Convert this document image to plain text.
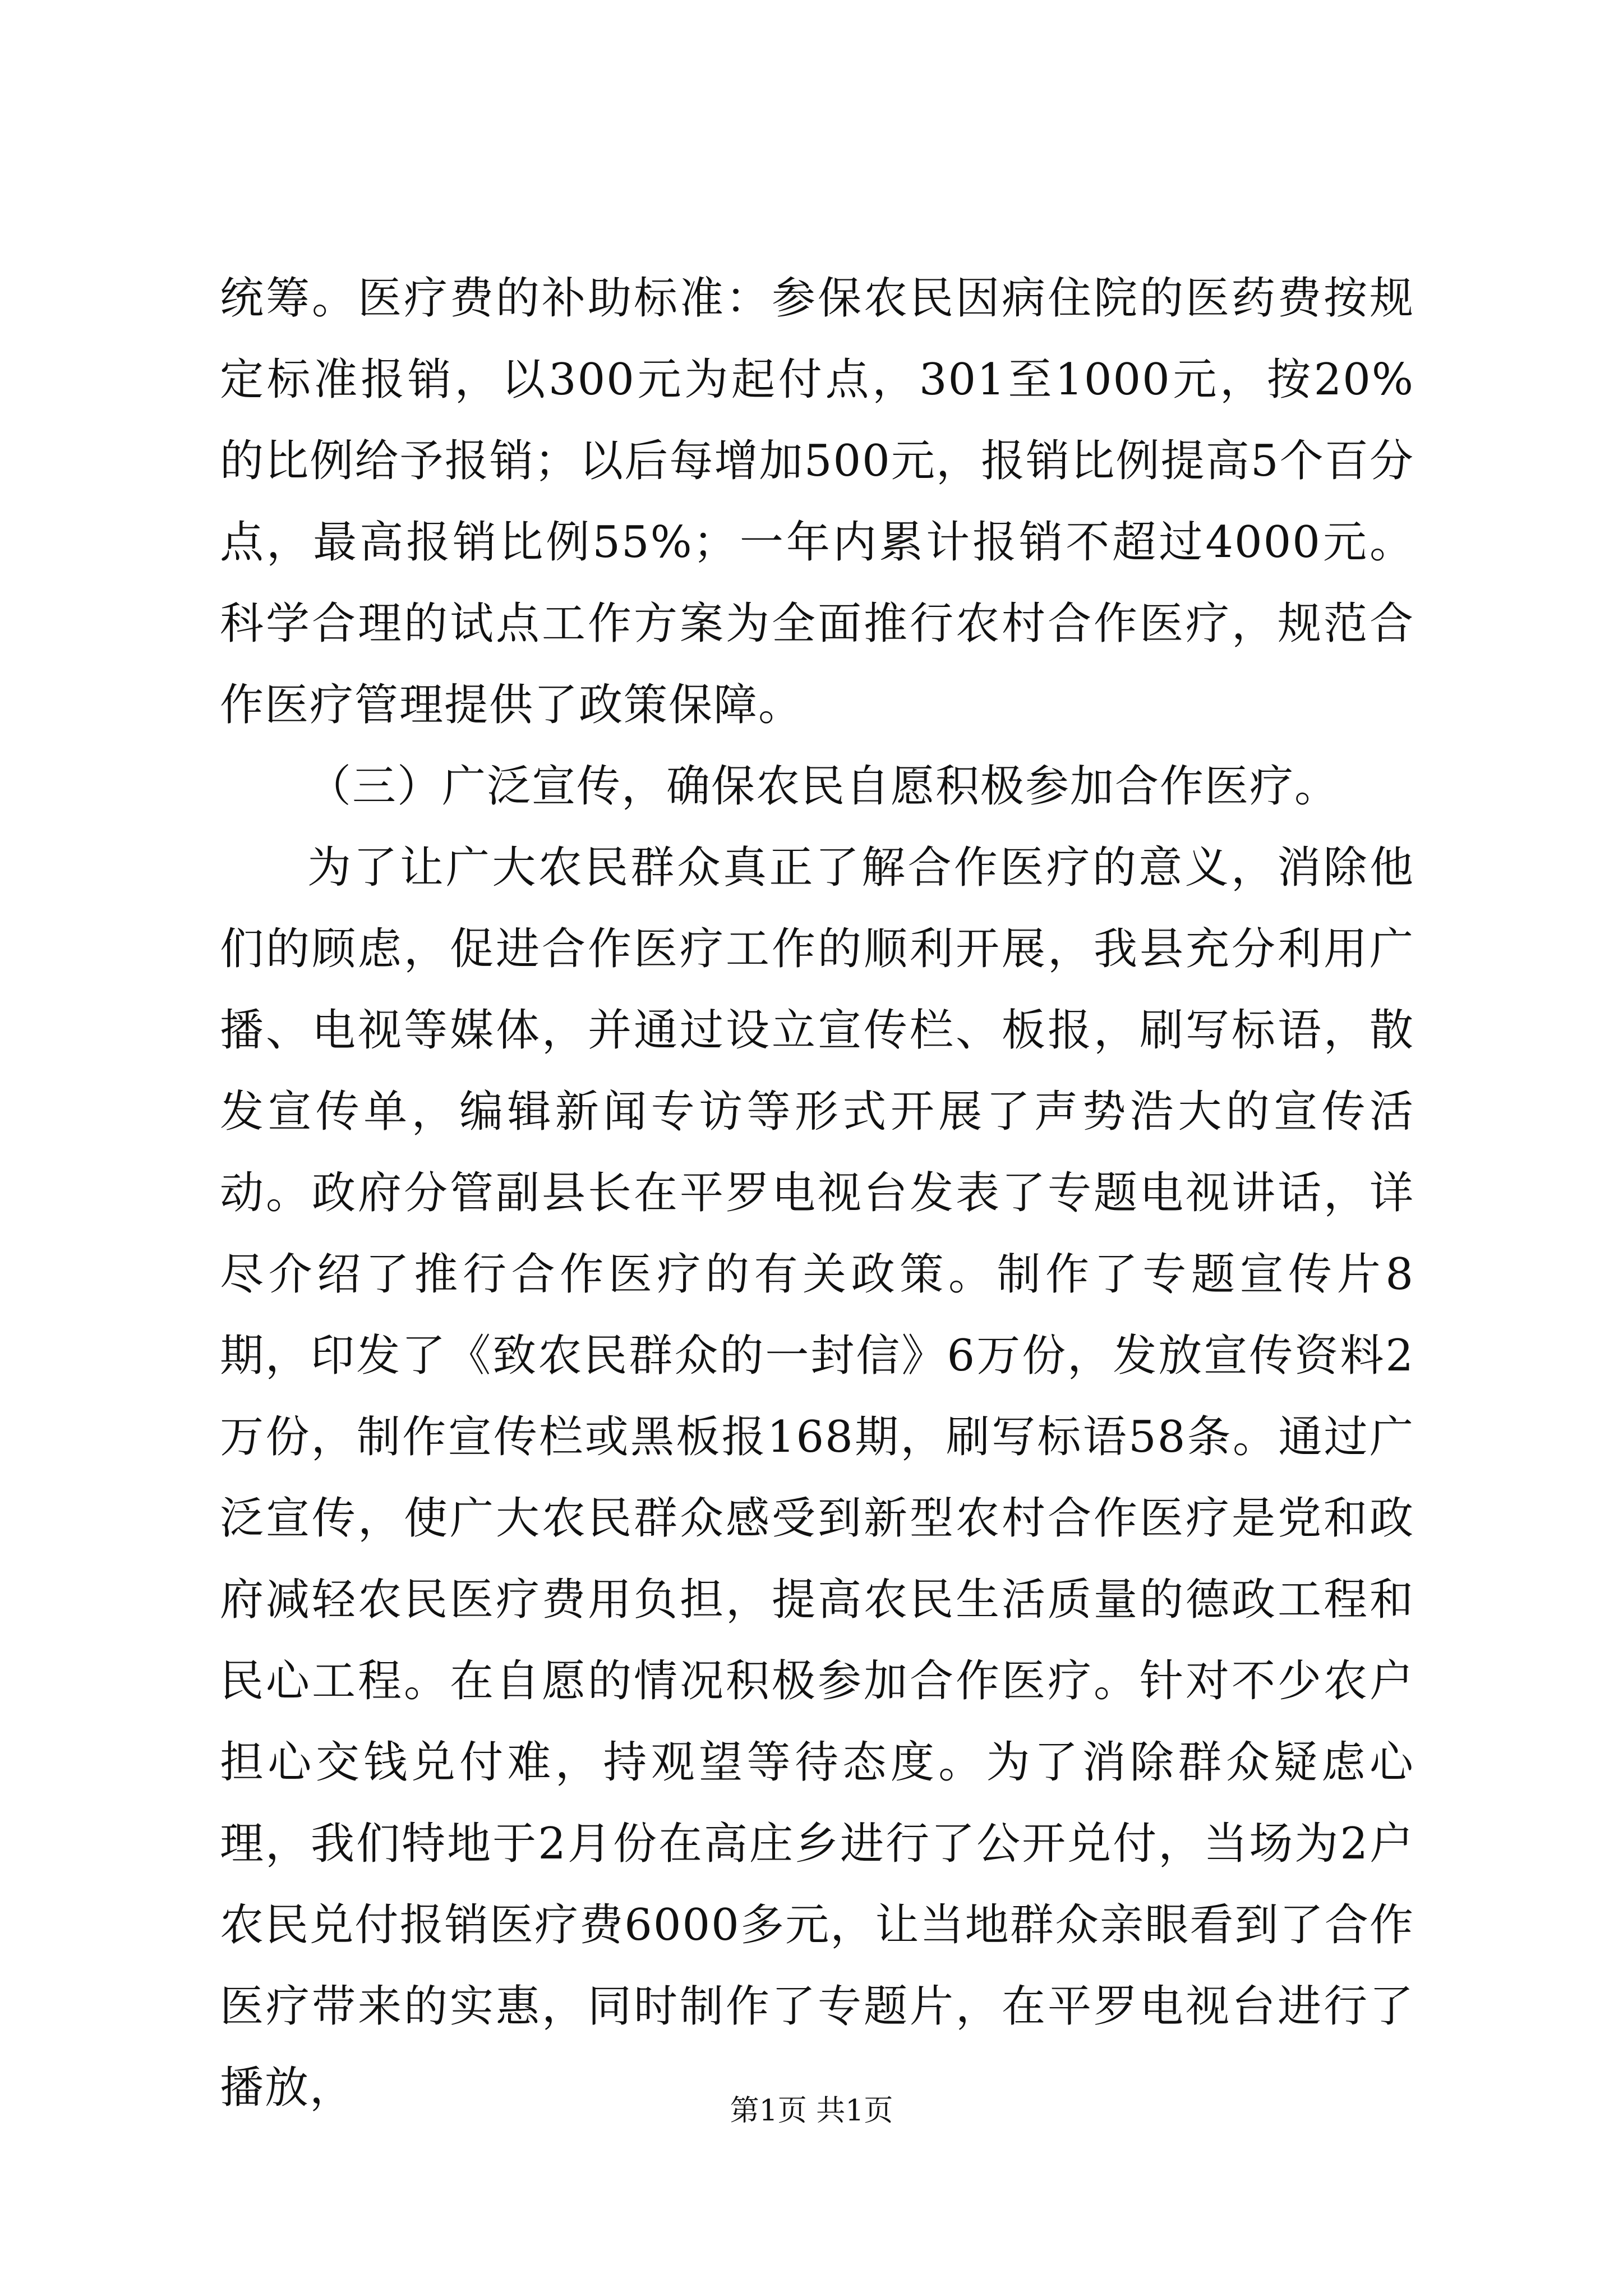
统筹。医疗费的补助标准：参保农民因病住院的医药费按规定标准报销，以300元为起付点，301至1000元，按20%的比例给予报销；以后每增加500元，报销比例提高5个百分点，最高报销比例55%；一年内累计报销不超过4000元。科学合理的试点工作方案为全面推行农村合作医疗，规范合作医疗管理提供了政策保障。

（三）广泛宣传，确保农民自愿积极参加合作医疗。

为了让广大农民群众真正了解合作医疗的意义，消除他们的顾虑，促进合作医疗工作的顺利开展，我县充分利用广播、电视等媒体，并通过设立宣传栏、板报，刷写标语，散发宣传单，编辑新闻专访等形式开展了声势浩大的宣传活动。政府分管副县长在平罗电视台发表了专题电视讲话，详尽介绍了推行合作医疗的有关政策。制作了专题宣传片8期，印发了《致农民群众的一封信》6万份，发放宣传资料2万份，制作宣传栏或黑板报168期，刷写标语58条。通过广泛宣传，使广大农民群众感受到新型农村合作医疗是党和政府减轻农民医疗费用负担，提高农民生活质量的德政工程和民心工程。在自愿的情况积极参加合作医疗。针对不少农户担心交钱兑付难，持观望等待态度。为了消除群众疑虑心理，我们特地于2月份在高庄乡进行了公开兑付，当场为2户农民兑付报销医疗费6000多元，让当地群众亲眼看到了合作医疗带来的实惠，同时制作了专题片，在平罗电视台进行了播放，	第1页 共1页
